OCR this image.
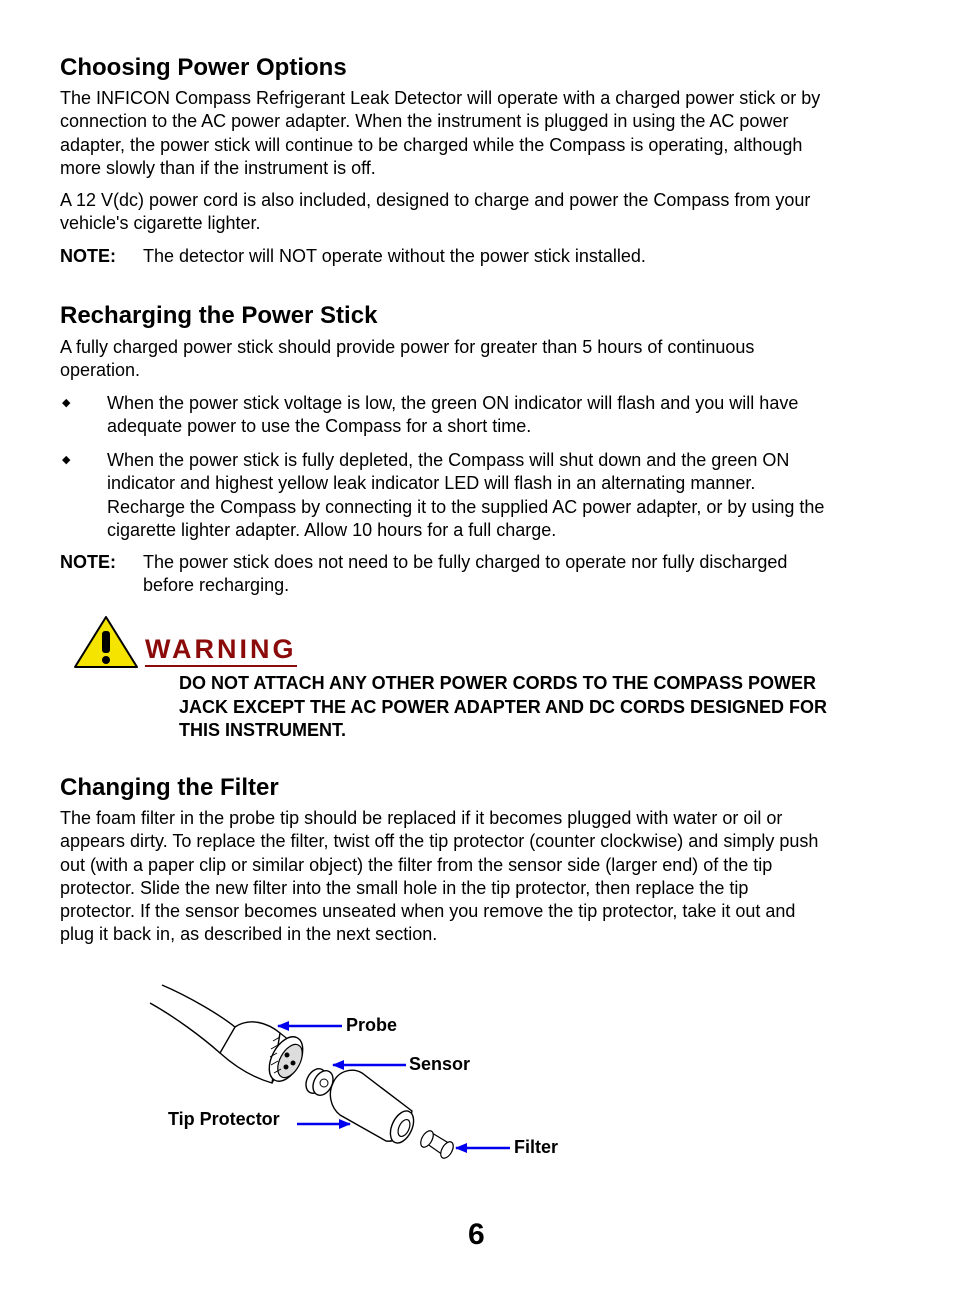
Choosing Power Options

The INFICON Compass Refrigerant Leak Detector will operate with a charged power stick or by

connection to the AC power adapter. When the instrument is plugged in using the AC power

adapter, the power stick will continue to be charged while the Compass is operating, although

more slowly than if the instrument is off.

A 12 V(dc) power cord is also included, designed to charge and power the Compass from your

vehicle's cigarette lighter.

NOTE: The detector will NOT operate without the power stick installed.

Recharging the Power Stick

A fully charged power stick should provide power for greater than 5 hours of continuous

operation.

◆ When the power stick voltage is low, the green ON indicator will flash and you will have

adequate power to use the Compass for a short time.

◆ When the power stick is fully depleted, the Compass will shut down and the green ON

indicator and highest yellow leak indicator LED will flash in an alternating manner.

Recharge the Compass by connecting it to the supplied AC power adapter, or by using the

cigarette lighter adapter. Allow 10 hours for a full charge.

NOTE: The power stick does not need to be fully charged to operate nor fully discharged

before recharging.

WARNING

DO NOT ATTACH ANY OTHER POWER CORDS TO THE COMPASS POWER

JACK EXCEPT THE AC POWER ADAPTER AND DC CORDS DESIGNED FOR

THIS INSTRUMENT.

Changing the Filter

The foam filter in the probe tip should be replaced if it becomes plugged with water or oil or

appears dirty. To replace the filter, twist off the tip protector (counter clockwise) and simply push

out (with a paper clip or similar object) the filter from the sensor side (larger end) of the tip

protector. Slide the new filter into the small hole in the tip protector, then replace the tip

protector. If the sensor becomes unseated when you remove the tip protector, take it out and

plug it back in, as described in the next section.

Probe
Sensor
Tip Protector
Filter
6
